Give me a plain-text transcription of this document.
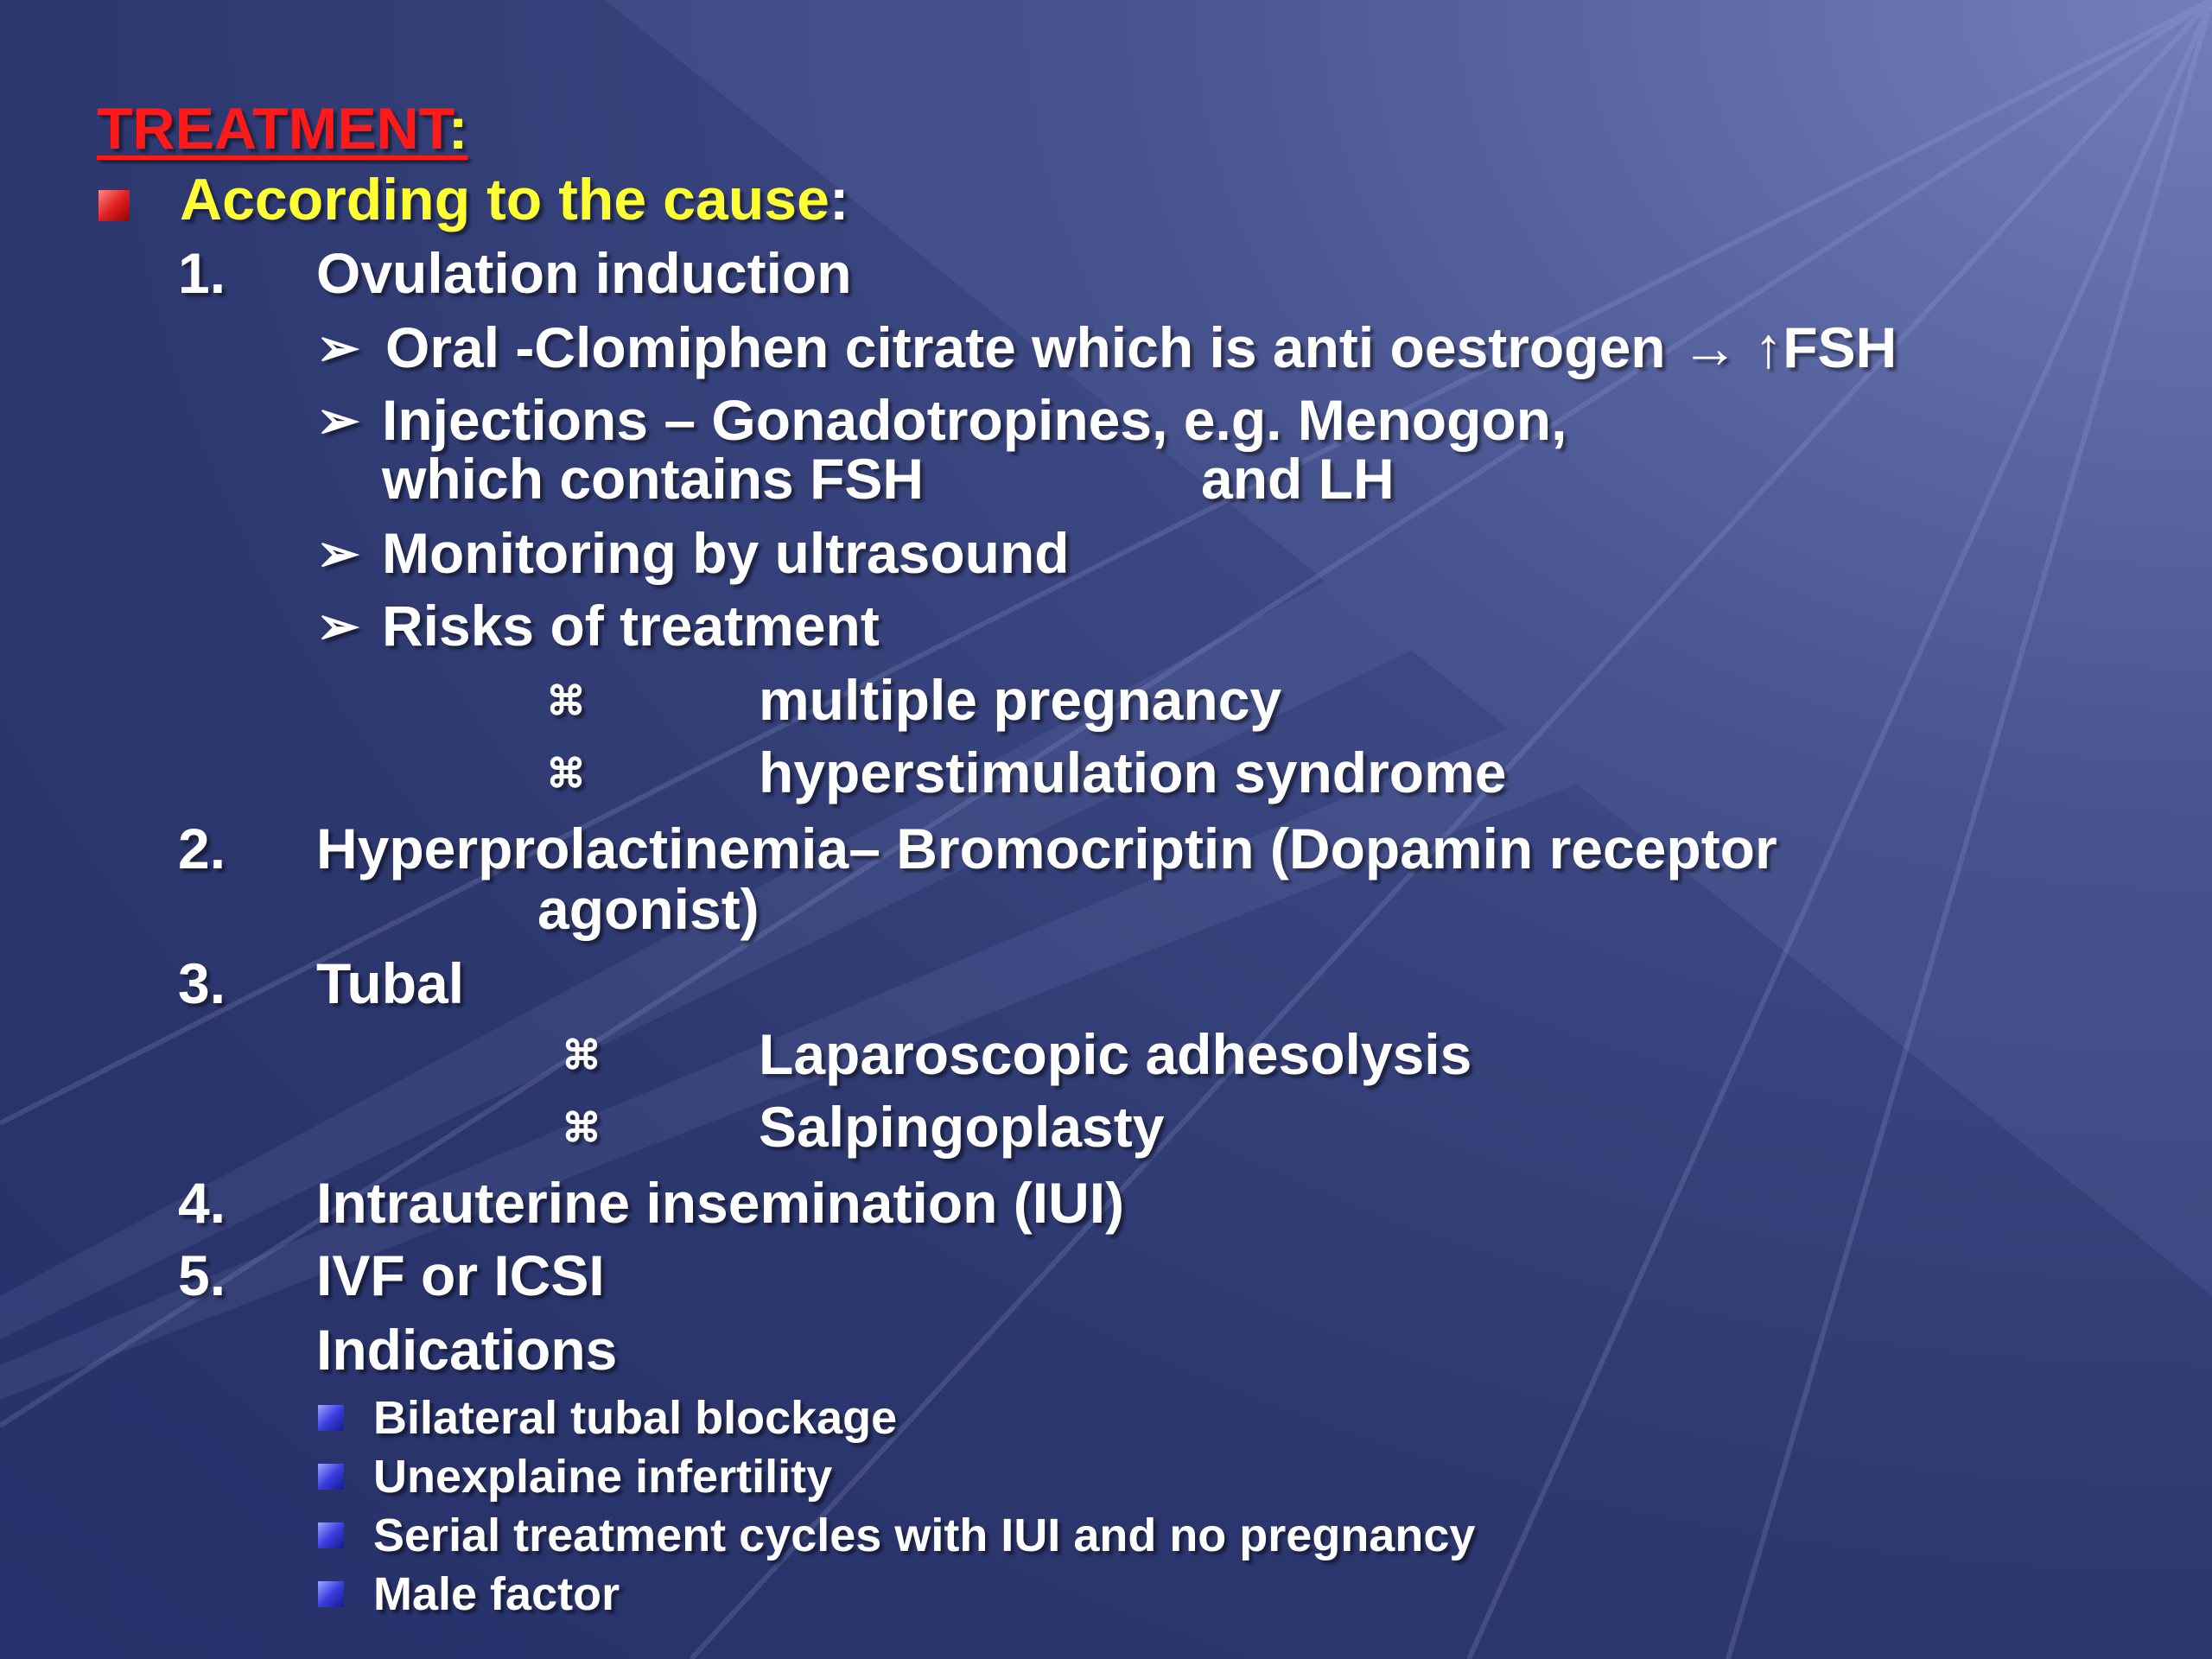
TREATMENT:
According to the cause:
1. Ovulation induction
➢ Oral -Clomiphen citrate which is anti oestrogen → ↑FSH
➢ Injections – Gonadotropines, e.g. Menogon,
which contains FSH	and LH
➢ Monitoring by ultrasound
➢ Risks of treatment
⌘	multiple pregnancy
⌘	hyperstimulation syndrome
2. Hyperprolactinemia– Bromocriptin (Dopamin receptor
agonist)
3. Tubal
⌘	Laparoscopic adhesolysis
⌘	Salpingoplasty
4. Intrauterine insemination (IUI)
5. IVF or ICSI
Indications
Bilateral tubal blockage
Unexplaine infertility
Serial treatment cycles with IUI and no pregnancy
Male factor
